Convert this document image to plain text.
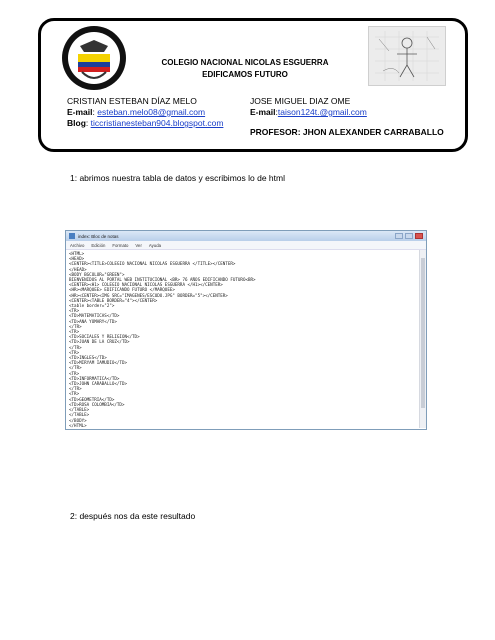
COLEGIO NACIONAL NICOLAS ESGUERRA
EDIFICAMOS FUTURO
CRISTIAN ESTEBAN DÍAZ MELO
E-mail: esteban.melo08@gmail.com
Blog: ticcristianesteban904.blogspot.com
JOSE MIGUEL DIAZ OME
E-mail:taison124t.@gmail.com
PROFESOR: JHON ALEXANDER CARRABALLO
1: abrimos nuestra tabla de datos y escribimos lo de html
index: Bloc de notas
Archivo Edición Formato Ver Ayuda
<HTML>
<HEAD>
<CENTER><TITLE>COLEGIO NACIONAL NICOLAS ESGUERRA </TITLE></CENTER>
</HEAD>
<BODY BGCOLOR="GREEN">
BIENVENIDOS AL PORTAL WEB INSTITUCIONAL <BR> 76 AÑOS EDIFICANDO FUTURO<BR>
<CENTER><H1> COLEGIO NACIONAL NICOLAS ESGUERRA </H1></CENTER>
<HR><MARQUEE> EDIFICANDO FUTURO </MARQUEE>
<HR><CENTER><IMG SRC="IMAGENES/ESCUDO.JPG" BORDER="5"></CENTER>
<CENTER><TABLE BORDER="4"></CENTER>
<table border="2">
<TR>
<TD>MATEMATICAS</TD>
<TD>ANA YOMARY</TD>
</TR>
<TR>
<TD>SOCIALES Y RELIGION</TD>
<TD>JUAN DE LA CRUZ</TD>
</TR>
<TR>
<TD>INGLES</TD>
<TD>MIRYAM IAMUDIO</TD>
</TR>
<TR>
<TD>INFORMATICA</TD>
<TD>JOHN CARABALLO</TD>
</TR>
<TR>
<TD>GEOMETRIA</TD>
<TD>ROSA COLOMBIA</TD>
</TABLE>
</TABLE>
</BODY>
</HTML>
2: después nos da este resultado
